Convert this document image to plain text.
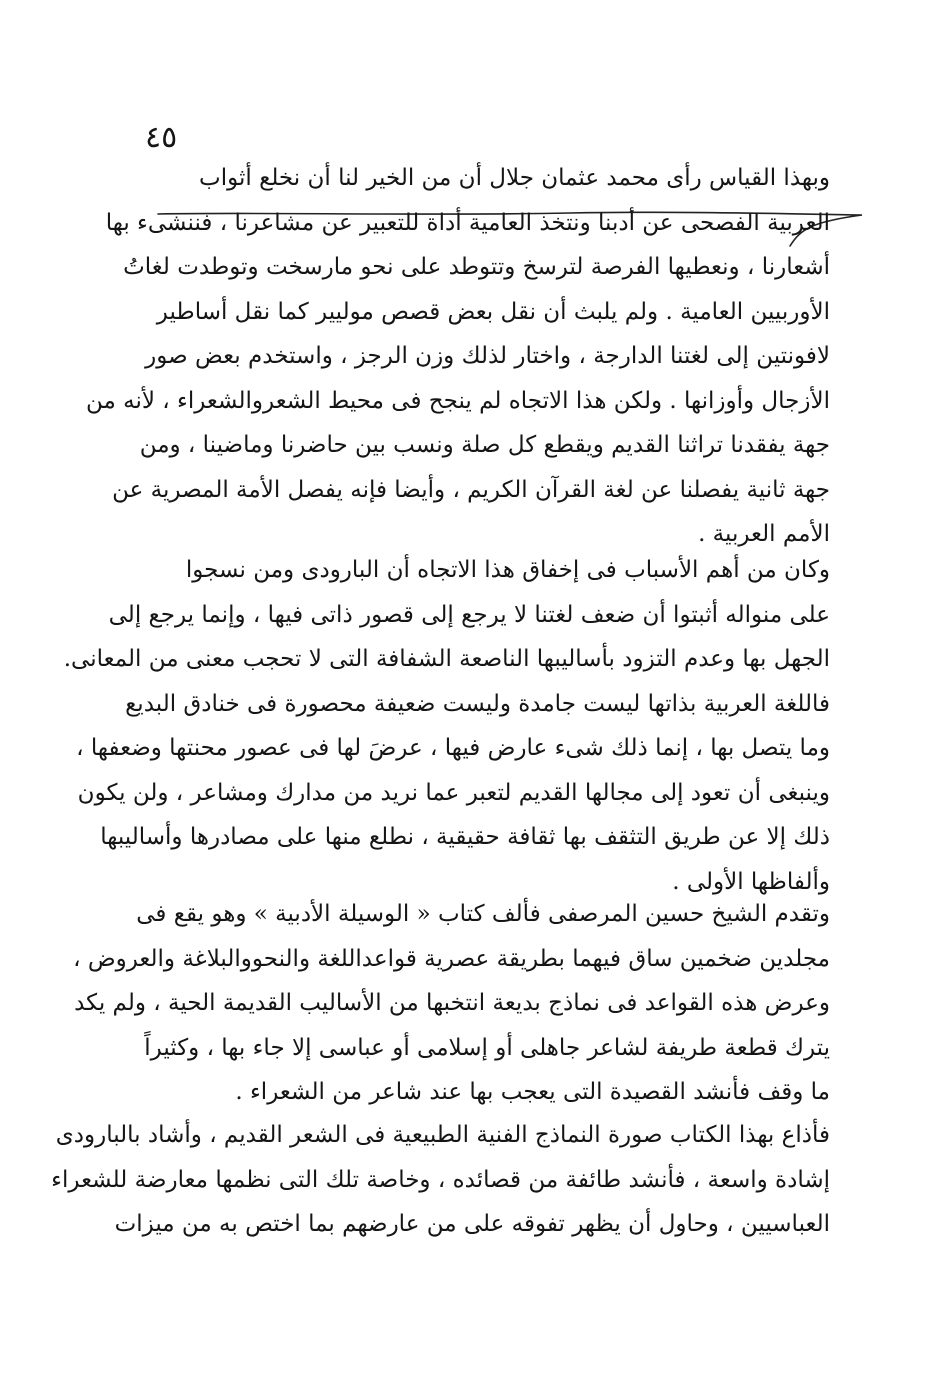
٤٥
وبهذا القياس رأى محمد عثمان جلال أن من الخير لنا أن نخلع أثواب
العربية الفصحى عن أدبنا ونتخذ العامية أداة للتعبير عن مشاعرنا ، فننشىء بها
أشعارنا ، ونعطيها الفرصة لترسخ وتتوطد على نحو مارسخت وتوطدت لغاتُ
الأوربيين العامية . ولم يلبث أن نقل بعض قصص موليير كما نقل أساطير
لافونتين إلى لغتنا الدارجة ، واختار لذلك وزن الرجز ، واستخدم بعض صور
الأزجال وأوزانها . ولكن هذا الاتجاه لم ينجح فى محيط الشعروالشعراء ، لأنه من
جهة يفقدنا تراثنا القديم ويقطع كل صلة ونسب بين حاضرنا وماضينا ، ومن
جهة ثانية يفصلنا عن لغة القرآن الكريم ، وأيضا فإنه يفصل الأمة المصرية عن
الأمم العربية .
وكان من أهم الأسباب فى إخفاق هذا الاتجاه أن البارودى ومن نسجوا
على منواله أثبتوا أن ضعف لغتنا لا يرجع إلى قصور ذاتى فيها ، وإنما يرجع إلى
الجهل بها وعدم التزود بأساليبها الناصعة الشفافة التى لا تحجب معنى من المعانى.
فاللغة العربية بذاتها ليست جامدة وليست ضعيفة محصورة فى خنادق البديع
وما يتصل بها ، إنما ذلك شىء عارض فيها ، عرضَ لها فى عصور محنتها وضعفها ،
وينبغى أن تعود إلى مجالها القديم لتعبر عما نريد من مدارك ومشاعر ، ولن يكون
ذلك إلا عن طريق التثقف بها ثقافة حقيقية ، نطلع منها على مصادرها وأساليبها
وألفاظها الأولى .
وتقدم الشيخ حسين المرصفى فألف كتاب « الوسيلة الأدبية » وهو يقع فى
مجلدين ضخمين ساق فيهما بطريقة عصرية قواعداللغة والنحووالبلاغة والعروض ،
وعرض هذه القواعد فى نماذج بديعة انتخبها من الأساليب القديمة الحية ، ولم يكد
يترك قطعة طريفة لشاعر جاهلى أو إسلامى أو عباسى إلا جاء بها ، وكثيراً
ما وقف فأنشد القصيدة التى يعجب بها عند شاعر من الشعراء .
فأذاع بهذا الكتاب صورة النماذج الفنية الطبيعية فى الشعر القديم ، وأشاد بالبارودى
إشادة واسعة ، فأنشد طائفة من قصائده ، وخاصة تلك التى نظمها معارضة للشعراء
العباسيين ، وحاول أن يظهر تفوقه على من عارضهم بما اختص به من ميزات
